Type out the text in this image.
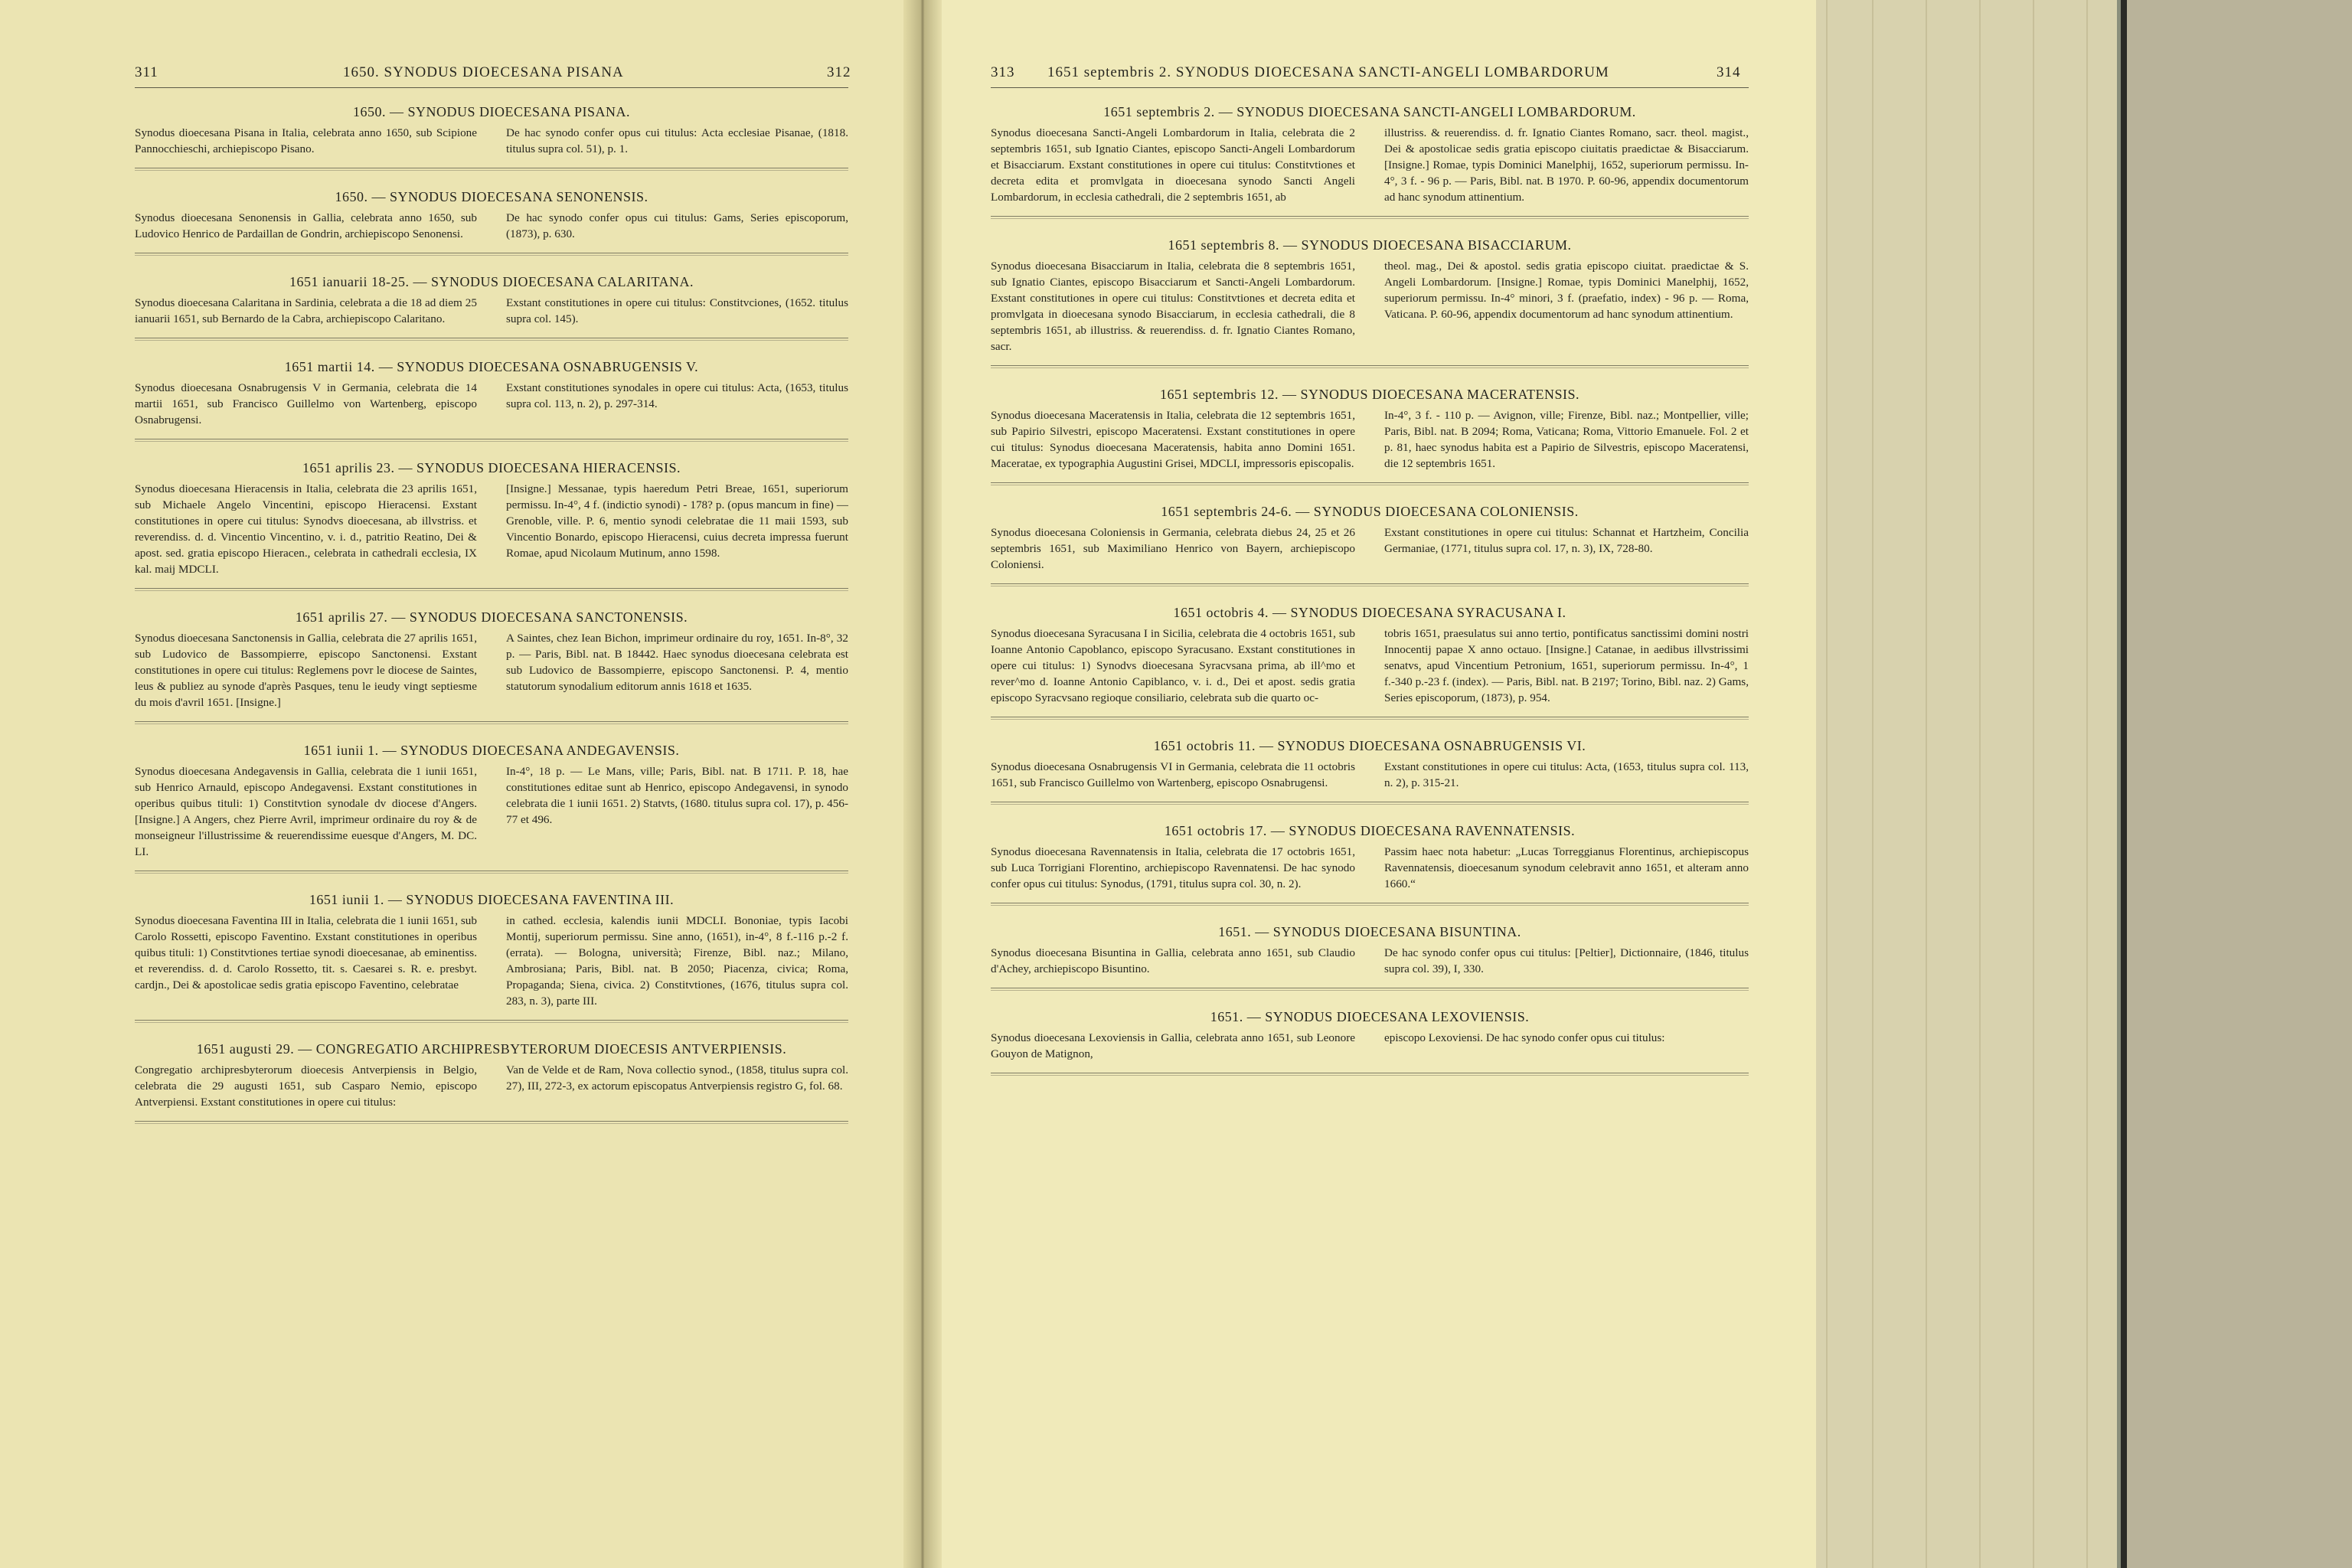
311	1650. SYNODUS DIOECESANA PISANA	312
1650. — SYNODUS DIOECESANA PISANA.

Synodus dioecesana Pisana in Italia, celebrata anno 1650, sub Scipione Pannocchieschi, archiepiscopo Pisano.

De hac synodo confer opus cui titulus: Acta ecclesiae Pisanae, (1818. titulus supra col. 51), p. 1.

1650. — SYNODUS DIOECESANA SENONENSIS.

Synodus dioecesana Senonensis in Gallia, celebrata anno 1650, sub Ludovico Henrico de Pardaillan de Gondrin, archiepiscopo Senonensi.

De hac synodo confer opus cui titulus: Gams, Series episcoporum, (1873), p. 630.

1651 ianuarii 18-25. — SYNODUS DIOECESANA CALARITANA.

Synodus dioecesana Calaritana in Sardinia, celebrata a die 18 ad diem 25 ianuarii 1651, sub Bernardo de la Cabra, archiepiscopo Calaritano.

Exstant constitutiones in opere cui titulus: Constitvciones, (1652. titulus supra col. 145).

1651 martii 14. — SYNODUS DIOECESANA OSNABRUGENSIS V.

Synodus dioecesana Osnabrugensis V in Germania, celebrata die 14 martii 1651, sub Francisco Guillelmo von Wartenberg, episcopo Osnabrugensi.

Exstant constitutiones synodales in opere cui titulus: Acta, (1653, titulus supra col. 113, n. 2), p. 297-314.

1651 aprilis 23. — SYNODUS DIOECESANA HIERACENSIS.

Synodus dioecesana Hieracensis in Italia, celebrata die 23 aprilis 1651, sub Michaele Angelo Vincentini, episcopo Hieracensi. Exstant constitutiones in opere cui titulus: Synodvs dioecesana, ab illvstriss. et reverendiss. d. d. Vincentio Vincentino, v. i. d., patritio Reatino, Dei & apost. sed. gratia episcopo Hieracen., celebrata in cathedrali ecclesia, IX kal. maij MDCLI.

[Insigne.] Messanae, typis haeredum Petri Breae, 1651, superiorum permissu. In-4°, 4 f. (indictio synodi) - 178? p. (opus mancum in fine) — Grenoble, ville. P. 6, mentio synodi celebratae die 11 maii 1593, sub Vincentio Bonardo, episcopo Hieracensi, cuius decreta impressa fuerunt Romae, apud Nicolaum Mutinum, anno 1598.

1651 aprilis 27. — SYNODUS DIOECESANA SANCTONENSIS.

Synodus dioecesana Sanctonensis in Gallia, celebrata die 27 aprilis 1651, sub Ludovico de Bassompierre, episcopo Sanctonensi. Exstant constitutiones in opere cui titulus: Reglemens povr le diocese de Saintes, leus & publiez au synode d'après Pasques, tenu le ieudy vingt septiesme du mois d'avril 1651. [Insigne.]

A Saintes, chez Iean Bichon, imprimeur ordinaire du roy, 1651. In-8°, 32 p. — Paris, Bibl. nat. B 18442. Haec synodus dioecesana celebrata est sub Ludovico de Bassompierre, episcopo Sanctonensi. P. 4, mentio statutorum synodalium editorum annis 1618 et 1635.

1651 iunii 1. — SYNODUS DIOECESANA ANDEGAVENSIS.

Synodus dioecesana Andegavensis in Gallia, celebrata die 1 iunii 1651, sub Henrico Arnauld, episcopo Andegavensi. Exstant constitutiones in operibus quibus tituli: 1) Constitvtion synodale dv diocese d'Angers. [Insigne.] A Angers, chez Pierre Avril, imprimeur ordinaire du roy & de monseigneur l'illustrissime & reuerendissime euesque d'Angers, M. DC. LI.

In-4°, 18 p. — Le Mans, ville; Paris, Bibl. nat. B 1711. P. 18, hae constitutiones editae sunt ab Henrico, episcopo Andegavensi, in synodo celebrata die 1 iunii 1651. 2) Statvts, (1680. titulus supra col. 17), p. 456-77 et 496.

1651 iunii 1. — SYNODUS DIOECESANA FAVENTINA III.

Synodus dioecesana Faventina III in Italia, celebrata die 1 iunii 1651, sub Carolo Rossetti, episcopo Faventino. Exstant constitutiones in operibus quibus tituli: 1) Constitvtiones tertiae synodi dioecesanae, ab eminentiss. et reverendiss. d. d. Carolo Rossetto, tit. s. Caesarei s. R. e. presbyt. cardjn., Dei & apostolicae sedis gratia episcopo Faventino, celebratae

in cathed. ecclesia, kalendis iunii MDCLI. Bononiae, typis Iacobi Montij, superiorum permissu. Sine anno, (1651), in-4°, 8 f.-116 p.-2 f. (errata). — Bologna, università; Firenze, Bibl. naz.; Milano, Ambrosiana; Paris, Bibl. nat. B 2050; Piacenza, civica; Roma, Propaganda; Siena, civica. 2) Constitvtiones, (1676, titulus supra col. 283, n. 3), parte III.

1651 augusti 29. — CONGREGATIO ARCHIPRESBYTERORUM DIOECESIS ANTVERPIENSIS.

Congregatio archipresbyterorum dioecesis Antverpiensis in Belgio, celebrata die 29 augusti 1651, sub Casparo Nemio, episcopo Antverpiensi. Exstant constitutiones in opere cui titulus:

Van de Velde et de Ram, Nova collectio synod., (1858, titulus supra col. 27), III, 272-3, ex actorum episcopatus Antverpiensis registro G, fol. 68.

313 1651 septembris 2. SYNODUS DIOECESANA SANCTI-ANGELI LOMBARDORUM	314
1651 septembris 2. — SYNODUS DIOECESANA SANCTI-ANGELI LOMBARDORUM.

Synodus dioecesana Sancti-Angeli Lombardorum in Italia, celebrata die 2 septembris 1651, sub Ignatio Ciantes, episcopo Sancti-Angeli Lombardorum et Bisacciarum. Exstant constitutiones in opere cui titulus: Constitvtiones et decreta edita et promvlgata in dioecesana synodo Sancti Angeli Lombardorum, in ecclesia cathedrali, die 2 septembris 1651, ab

illustriss. & reuerendiss. d. fr. Ignatio Ciantes Romano, sacr. theol. magist., Dei & apostolicae sedis gratia episcopo ciuitatis praedictae & Bisacciarum. [Insigne.] Romae, typis Dominici Manelphij, 1652, superiorum permissu. In-4°, 3 f. - 96 p. — Paris, Bibl. nat. B 1970. P. 60-96, appendix documentorum ad hanc synodum attinentium.

1651 septembris 8. — SYNODUS DIOECESANA BISACCIARUM.

Synodus dioecesana Bisacciarum in Italia, celebrata die 8 septembris 1651, sub Ignatio Ciantes, episcopo Bisacciarum et Sancti-Angeli Lombardorum. Exstant constitutiones in opere cui titulus: Constitvtiones et decreta edita et promvlgata in dioecesana synodo Bisacciarum, in ecclesia cathedrali, die 8 septembris 1651, ab illustriss. & reuerendiss. d. fr. Ignatio Ciantes Romano, sacr.

theol. mag., Dei & apostol. sedis gratia episcopo ciuitat. praedictae & S. Angeli Lombardorum. [Insigne.] Romae, typis Dominici Manelphij, 1652, superiorum permissu. In-4° minori, 3 f. (praefatio, index) - 96 p. — Roma, Vaticana. P. 60-96, appendix documentorum ad hanc synodum attinentium.

1651 septembris 12. — SYNODUS DIOECESANA MACERATENSIS.

Synodus dioecesana Maceratensis in Italia, celebrata die 12 septembris 1651, sub Papirio Silvestri, episcopo Maceratensi. Exstant constitutiones in opere cui titulus: Synodus dioecesana Maceratensis, habita anno Domini 1651. Maceratae, ex typographia Augustini Grisei, MDCLI, impressoris episcopalis.

In-4°, 3 f. - 110 p. — Avignon, ville; Firenze, Bibl. naz.; Montpellier, ville; Paris, Bibl. nat. B 2094; Roma, Vaticana; Roma, Vittorio Emanuele. Fol. 2 et p. 81, haec synodus habita est a Papirio de Silvestris, episcopo Maceratensi, die 12 septembris 1651.

1651 septembris 24-6. — SYNODUS DIOECESANA COLONIENSIS.

Synodus dioecesana Coloniensis in Germania, celebrata diebus 24, 25 et 26 septembris 1651, sub Maximiliano Henrico von Bayern, archiepiscopo Coloniensi.

Exstant constitutiones in opere cui titulus: Schannat et Hartzheim, Concilia Germaniae, (1771, titulus supra col. 17, n. 3), IX, 728-80.

1651 octobris 4. — SYNODUS DIOECESANA SYRACUSANA I.

Synodus dioecesana Syracusana I in Sicilia, celebrata die 4 octobris 1651, sub Ioanne Antonio Capoblanco, episcopo Syracusano. Exstant constitutiones in opere cui titulus: 1) Synodvs dioecesana Syracvsana prima, ab ill^mo et rever^mo d. Ioanne Antonio Capiblanco, v. i. d., Dei et apost. sedis gratia episcopo Syracvsano regioque consiliario, celebrata sub die quarto oc-

tobris 1651, praesulatus sui anno tertio, pontificatus sanctissimi domini nostri Innocentij papae X anno octauo. [Insigne.] Catanae, in aedibus illvstrissimi senatvs, apud Vincentium Petronium, 1651, superiorum permissu. In-4°, 1 f.-340 p.-23 f. (index). — Paris, Bibl. nat. B 2197; Torino, Bibl. naz. 2) Gams, Series episcoporum, (1873), p. 954.

1651 octobris 11. — SYNODUS DIOECESANA OSNABRUGENSIS VI.

Synodus dioecesana Osnabrugensis VI in Germania, celebrata die 11 octobris 1651, sub Francisco Guillelmo von Wartenberg, episcopo Osnabrugensi.

Exstant constitutiones in opere cui titulus: Acta, (1653, titulus supra col. 113, n. 2), p. 315-21.

1651 octobris 17. — SYNODUS DIOECESANA RAVENNATENSIS.

Synodus dioecesana Ravennatensis in Italia, celebrata die 17 octobris 1651, sub Luca Torrigiani Florentino, archiepiscopo Ravennatensi. De hac synodo confer opus cui titulus: Synodus, (1791, titulus supra col. 30, n. 2).

Passim haec nota habetur: „Lucas Torreggianus Florentinus, archiepiscopus Ravennatensis, dioecesanum synodum celebravit anno 1651, et alteram anno 1660.“

1651. — SYNODUS DIOECESANA BISUNTINA.

Synodus dioecesana Bisuntina in Gallia, celebrata anno 1651, sub Claudio d'Achey, archiepiscopo Bisuntino.

De hac synodo confer opus cui titulus: [Peltier], Dictionnaire, (1846, titulus supra col. 39), I, 330.

1651. — SYNODUS DIOECESANA LEXOVIENSIS.

Synodus dioecesana Lexoviensis in Gallia, celebrata anno 1651, sub Leonore Gouyon de Matignon,

episcopo Lexoviensi. De hac synodo confer opus cui titulus:
